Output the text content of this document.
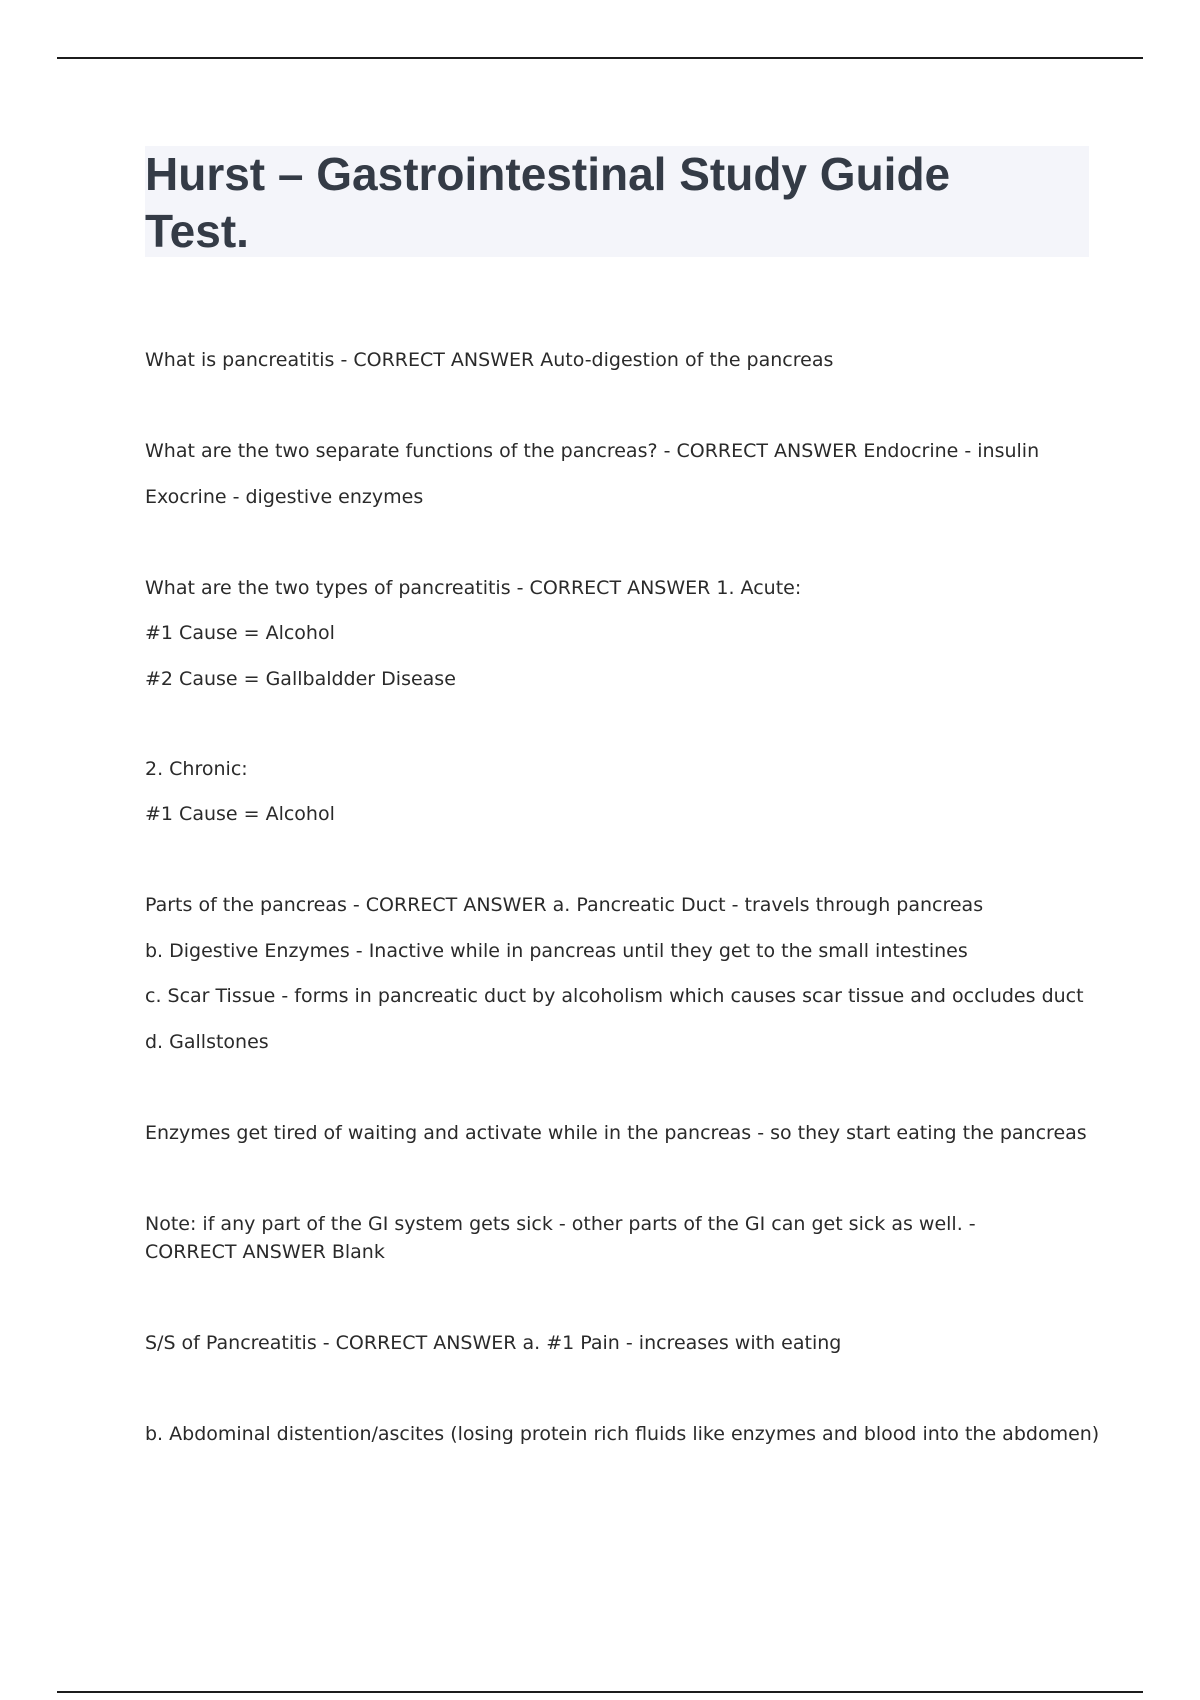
Hurst – Gastrointestinal Study Guide Test.

What is pancreatitis - CORRECT ANSWER Auto-digestion of the pancreas

What are the two separate functions of the pancreas? - CORRECT ANSWER Endocrine - insulin

Exocrine - digestive enzymes

What are the two types of pancreatitis - CORRECT ANSWER 1. Acute:

#1 Cause = Alcohol

#2 Cause = Gallbaldder Disease

2. Chronic:

#1 Cause = Alcohol

Parts of the pancreas - CORRECT ANSWER a. Pancreatic Duct - travels through pancreas

b. Digestive Enzymes - Inactive while in pancreas until they get to the small intestines

c. Scar Tissue - forms in pancreatic duct by alcoholism which causes scar tissue and occludes duct

d. Gallstones

Enzymes get tired of waiting and activate while in the pancreas - so they start eating the pancreas

Note: if any part of the GI system gets sick - other parts of the GI can get sick as well. - CORRECT ANSWER Blank

S/S of Pancreatitis - CORRECT ANSWER a. #1 Pain - increases with eating

b. Abdominal distention/ascites (losing protein rich fluids like enzymes and blood into the abdomen)
